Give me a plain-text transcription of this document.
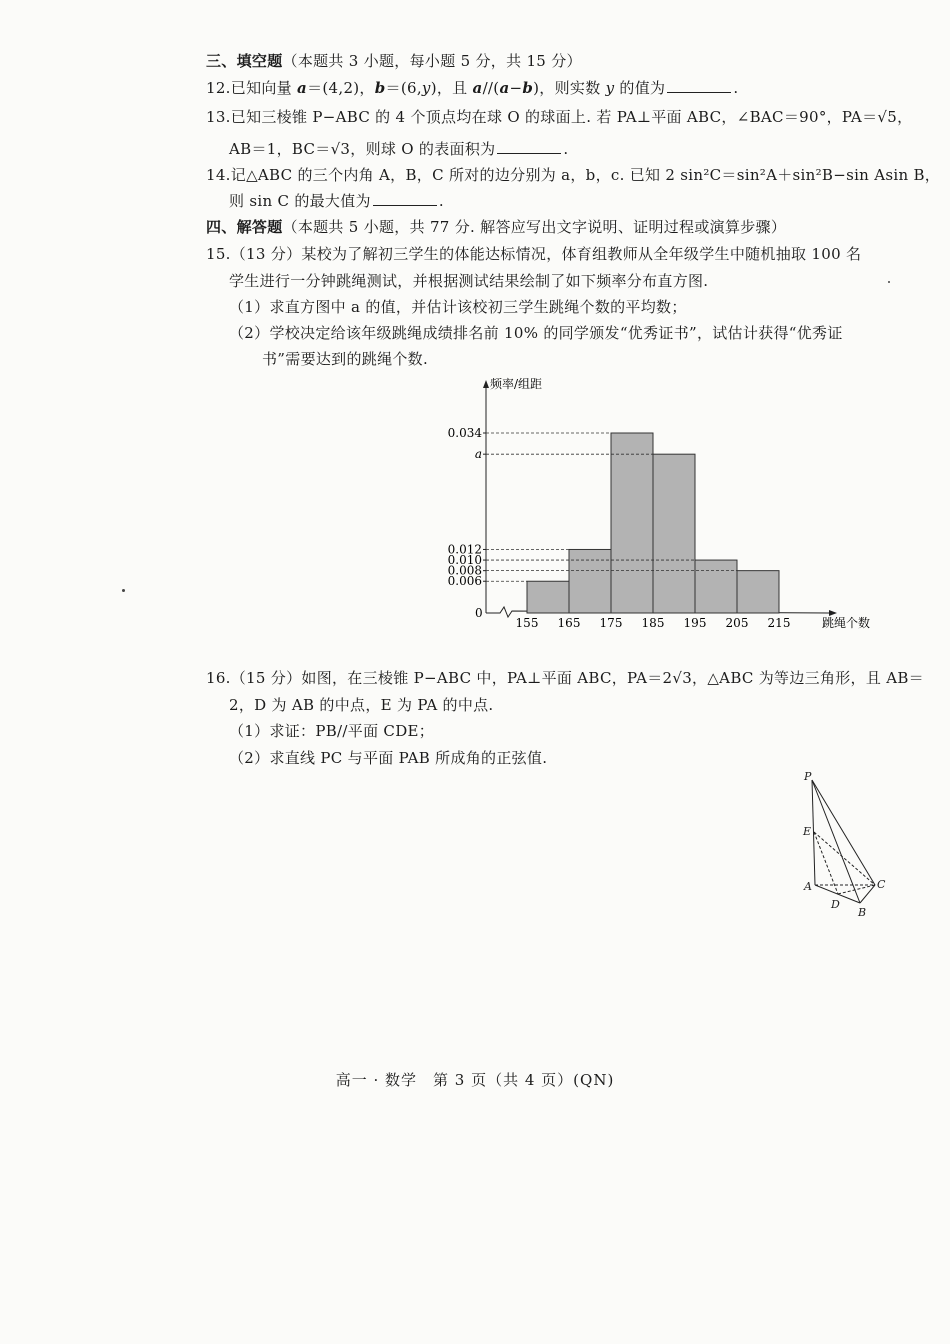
三、填空题（本题共 3 小题，每小题 5 分，共 15 分）
12.已知向量 a＝(4,2)，b＝(6,y)，且 a//(a−b)，则实数 y 的值为	.
13.已知三棱锥 P−ABC 的 4 个顶点均在球 O 的球面上. 若 PA⊥平面 ABC，∠BAC＝90°，PA＝√5，
AB＝1，BC＝√3，则球 O 的表面积为	.
14.记△ABC 的三个内角 A，B，C 所对的边分别为 a，b，c. 已知 2 sin²C＝sin²A＋sin²B−sin Asin B，
则 sin C 的最大值为	.
四、解答题（本题共 5 小题，共 77 分. 解答应写出文字说明、证明过程或演算步骤）
15.（13 分）某校为了解初三学生的体能达标情况，体育组教师从全年级学生中随机抽取 100 名
学生进行一分钟跳绳测试，并根据测试结果绘制了如下频率分布直方图.
（1）求直方图中 a 的值，并估计该校初三学生跳绳个数的平均数；
（2）学校决定给该年级跳绳成绩排名前 10% 的同学颁发“优秀证书”，试估计获得“优秀证
书”需要达到的跳绳个数.
频率/组距
跳绳个数
0
0.034
a
0.012
0.010
0.008
0.006
155 165 175 185 195 205 215
16.（15 分）如图，在三棱锥 P−ABC 中，PA⊥平面 ABC，PA＝2√3，△ABC 为等边三角形，且 AB＝
2，D 为 AB 的中点，E 为 PA 的中点.
（1）求证：PB//平面 CDE；
（2）求直线 PC 与平面 PAB 所成角的正弦值.
P
E
A	C
D
B
高一 · 数学　第 3 页（共 4 页）(QN)
